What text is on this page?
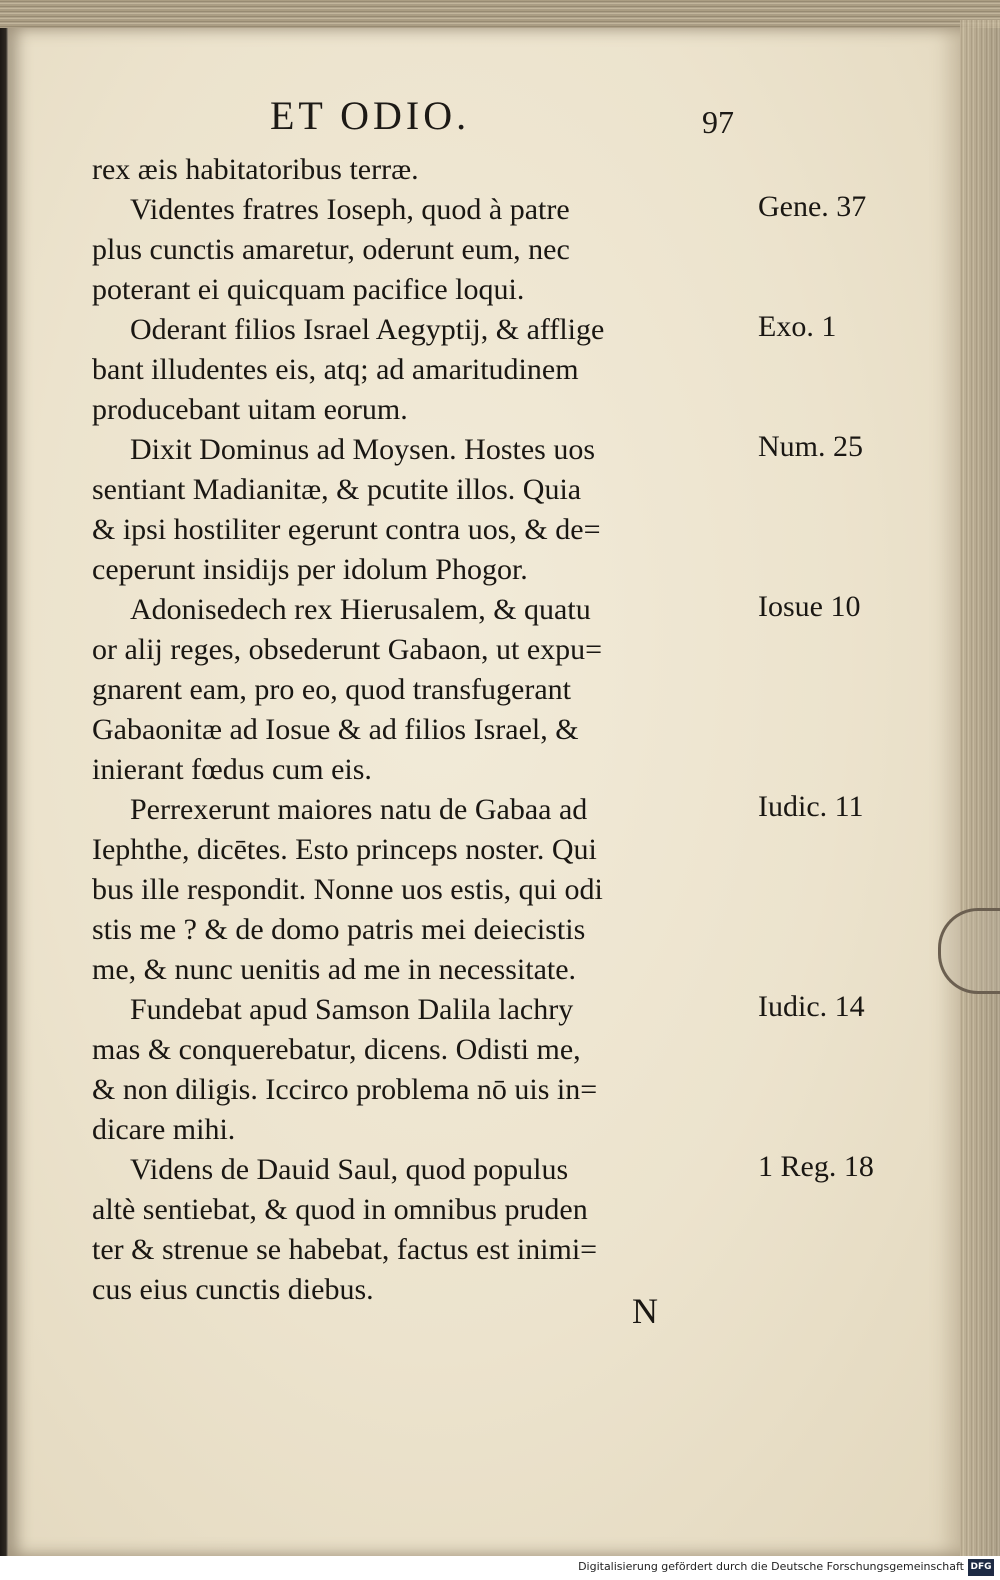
ET ODIO.	97
rex æis habitatoribus terræ.
Videntes fratres Ioseph, quod à patre
plus cunctis amaretur, oderunt eum, nec
poterant ei quicquam pacifice loqui.
Oderant filios Israel Aegyptij, & afflige
bant illudentes eis, atq; ad amaritudinem
producebant uitam eorum.
Dixit Dominus ad Moysen. Hostes uos
sentiant Madianitæ, & pcutite illos. Quia
& ipsi hostiliter egerunt contra uos, & de=
ceperunt insidijs per idolum Phogor.
Adonisedech rex Hierusalem, & quatu
or alij reges, obsederunt Gabaon, ut expu=
gnarent eam, pro eo, quod transfugerant
Gabaonitæ ad Iosue & ad filios Israel, &
inierant fœdus cum eis.
Perrexerunt maiores natu de Gabaa ad
Iephthe, dicētes. Esto princeps noster. Qui
bus ille respondit. Nonne uos estis, qui odi
stis me ? & de domo patris mei deiecistis
me, & nunc uenitis ad me in necessitate.
Fundebat apud Samson Dalila lachry
mas & conquerebatur, dicens. Odisti me,
& non diligis. Iccirco problema nō uis in=
dicare mihi.
Videns de Dauid Saul, quod populus
altè sentiebat, & quod in omnibus pruden
ter & strenue se habebat, factus est inimi=
cus eius cunctis diebus.
Gene. 37
Exo. 1
Num. 25
Iosue 10
Iudic. 11
Iudic. 14
1 Reg. 18
N
Digitalisierung gefördert durch die Deutsche Forschungsgemeinschaft DFG
